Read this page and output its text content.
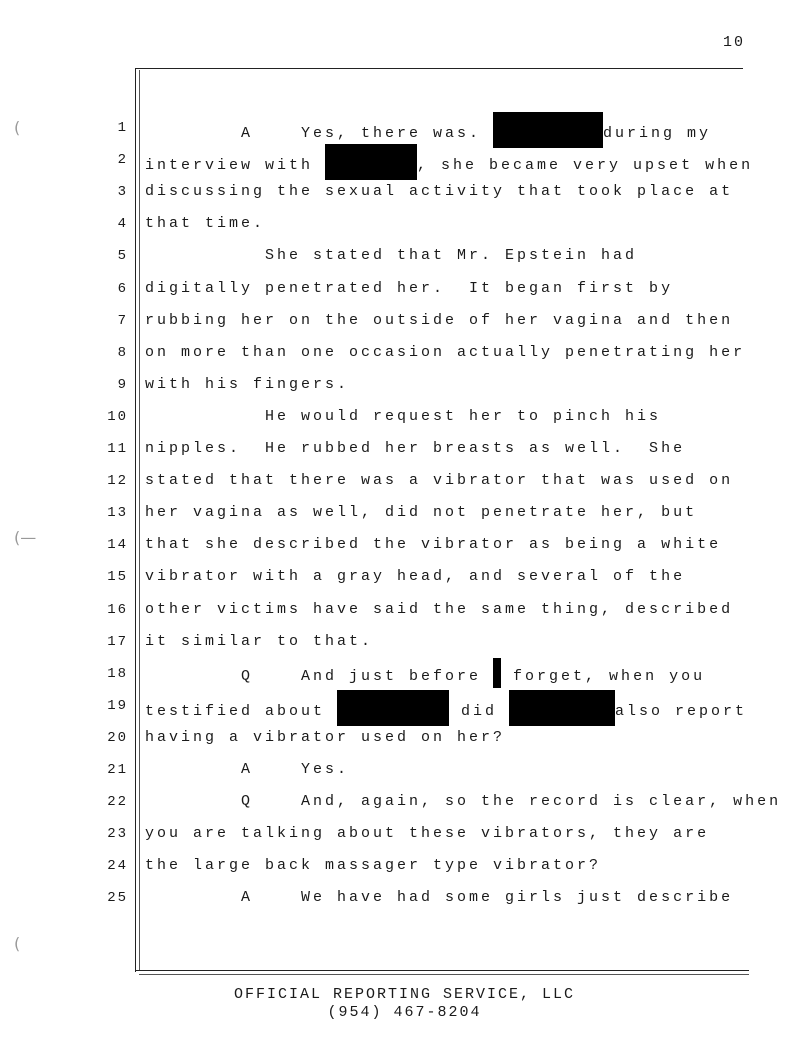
10
(
(—
(
1 A    Yes, there was.	during my
2 interview with	, she became very upset when
3 discussing the sexual activity that took place at
4 that time.
5 She stated that Mr. Epstein had
6 digitally penetrated her.  It began first by
7 rubbing her on the outside of her vagina and then
8 on more than one occasion actually penetrating her
9 with his fingers.
10 He would request her to pinch his
11 nipples.  He rubbed her breasts as well.  She
12 stated that there was a vibrator that was used on
13 her vagina as well, did not penetrate her, but
14 that she described the vibrator as being a white
15 vibrator with a gray head, and several of the
16 other victims have said the same thing, described
17 it similar to that.
18 Q    And just before  forget, when you
19 testified about	did	also report
20 having a vibrator used on her?
21 A    Yes.
22 Q    And, again, so the record is clear, when
23 you are talking about these vibrators, they are
24 the large back massager type vibrator?
25 A    We have had some girls just describe
OFFICIAL REPORTING SERVICE, LLC
(954) 467-8204
